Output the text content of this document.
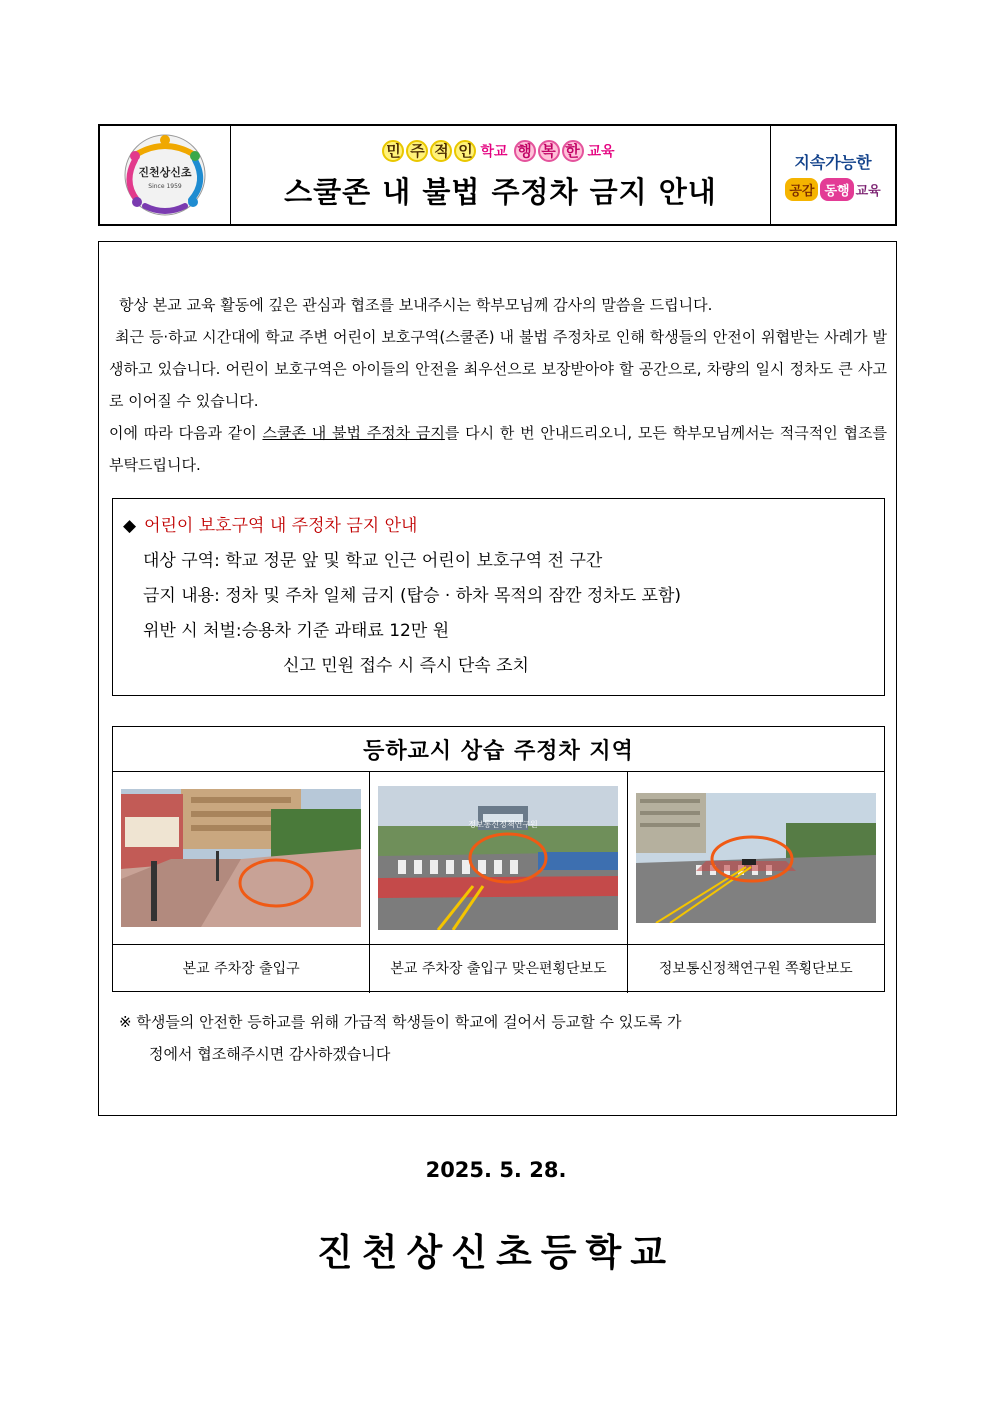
진천상신초
Since 1959
민 주 적 인 학교 행 복 한 교육
스쿨존 내 불법 주정차 금지 안내
지속가능한
공감 동행 교육

항상 본교 교육 활동에 깊은 관심과 협조를 보내주시는 학부모님께 감사의 말씀을 드립니다.

최근 등·하교 시간대에 학교 주변 어린이 보호구역(스쿨존) 내 불법 주정차로 인해 학생들의 안전이 위협받는 사례가 발생하고 있습니다. 어린이 보호구역은 아이들의 안전을 최우선으로 보장받아야 할 공간으로, 차량의 일시 정차도 큰 사고로 이어질 수 있습니다.

이에 따라 다음과 같이 스쿨존 내 불법 주정차 금지를 다시 한 번 안내드리오니, 모든 학부모님께서는 적극적인 협조를 부탁드립니다.

◆ 어린이 보호구역 내 주정차 금지 안내
대상 구역: 학교 정문 앞 및 학교 인근 어린이 보호구역 전 구간
금지 내용: 정차 및 주차 일체 금지 (탑승 · 하차 목적의 잠깐 정차도 포함)
위반 시 처벌:승용차 기준 과태료 12만 원
신고 민원 접수 시 즉시 단속 조치
등하교시 상습 주정차 지역
정보통신정책연구원
본교 주차장 출입구	본교 주차장 출입구 맞은편 횡단보도	정보통신정책연구원 쪽 횡단보도
※ 학생들의 안전한 등하교를 위해 가급적 학생들이 학교에 걸어서 등교할 수 있도록 가
정에서 협조해주시면 감사하겠습니다
2025. 5. 28.
진천상신초등학교
